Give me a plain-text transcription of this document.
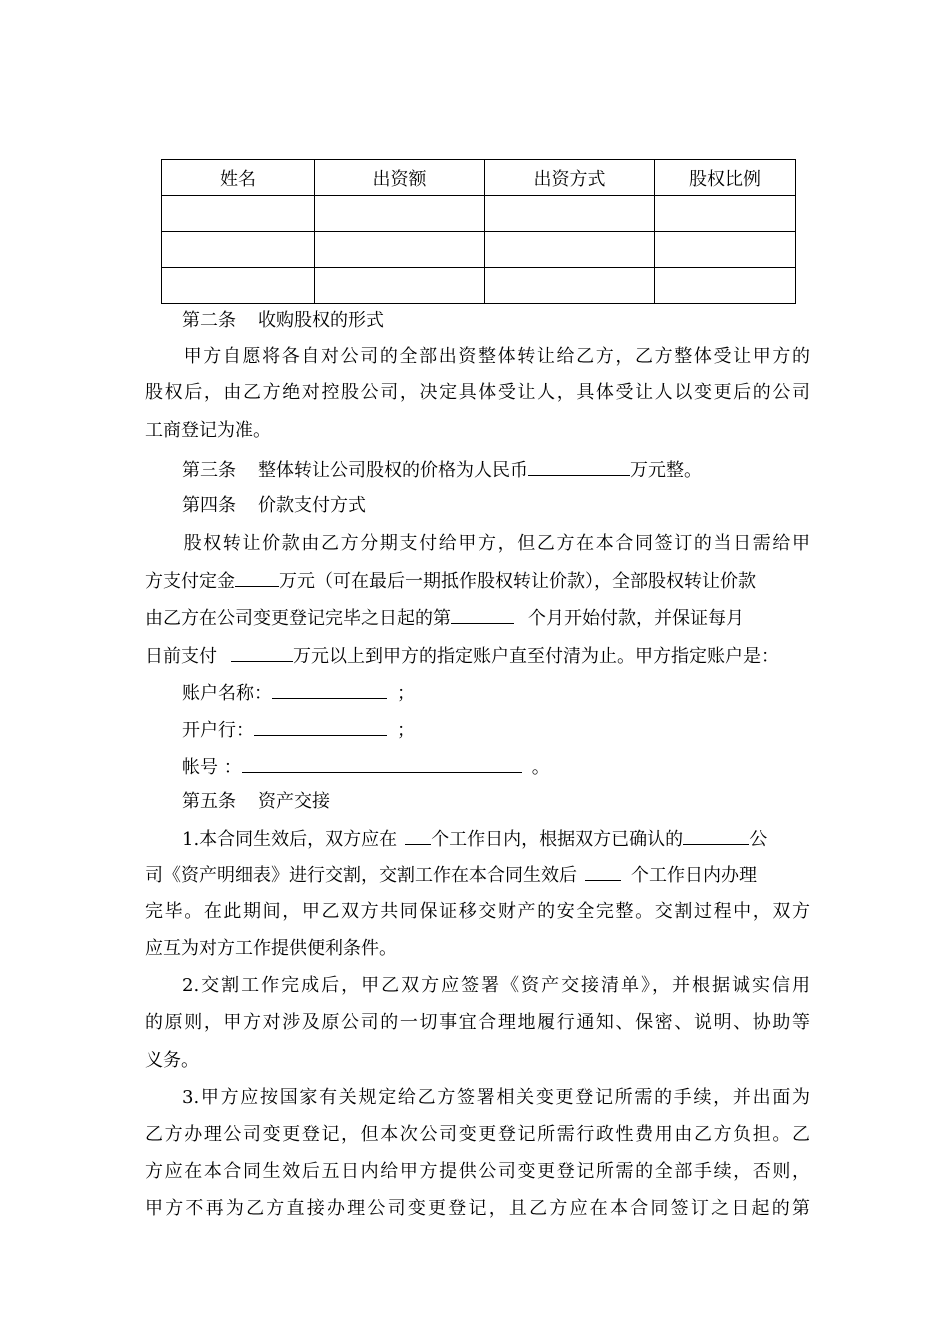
姓名	出资额	出资方式	股权比例

第二条 收购股权的形式
甲方自愿将各自对公司的全部出资整体转让给乙方，乙方整体受让甲方的
股权后，由乙方绝对控股公司，决定具体受让人，具体受让人以变更后的公司
工商登记为准。
第三条 整体转让公司股权的价格为人民币	万元整。
第四条 价款支付方式
股权转让价款由乙方分期支付给甲方，但乙方在本合同签订的当日需给甲
方支付定金 万元（可在最后一期抵作股权转让价款），全部股权转让价款
由乙方在公司变更登记完毕之日起的第	个月开始付款，并保证每月
日前支付	万元以上到甲方的指定账户直至付清为止。甲方指定账户是：
账户名称：	；
开户行：	；
帐号 ：	。
第五条 资产交接
1.本合同生效后，双方应在 个工作日内，根据双方已确认的	公
司《资产明细表》进行交割，交割工作在本合同生效后	个工作日内办理
完毕。在此期间，甲乙双方共同保证移交财产的安全完整。交割过程中，双方
应互为对方工作提供便利条件。
2.交割工作完成后，甲乙双方应签署《资产交接清单》，并根据诚实信用
的原则，甲方对涉及原公司的一切事宜合理地履行通知、保密、说明、协助等
义务。
3.甲方应按国家有关规定给乙方签署相关变更登记所需的手续，并出面为
乙方办理公司变更登记，但本次公司变更登记所需行政性费用由乙方负担。乙
方应在本合同生效后五日内给甲方提供公司变更登记所需的全部手续，否则，
甲方不再为乙方直接办理公司变更登记，且乙方应在本合同签订之日起的第
